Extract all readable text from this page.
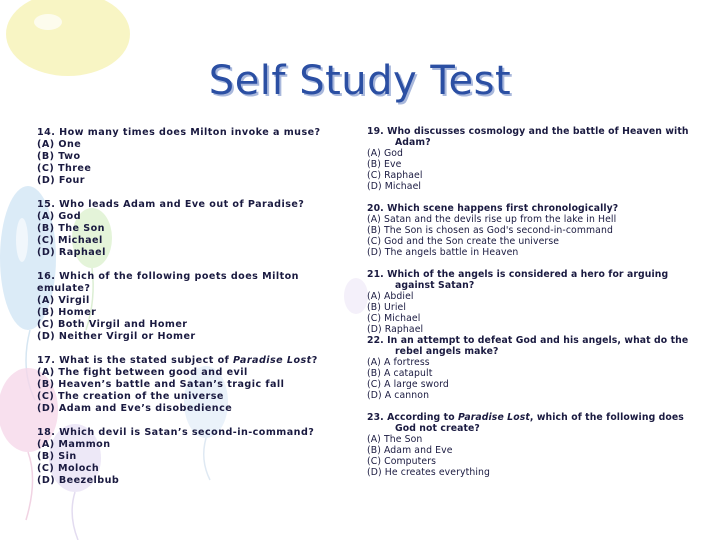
Self Study Test
14. How many times does Milton invoke a muse?
(A) One
(B) Two
(C) Three
(D) Four
15. Who leads Adam and Eve out of Paradise?
(A) God
(B) The Son
(C) Michael
(D) Raphael
16. Which of the following poets does Milton emulate?
(A) Virgil
(B) Homer
(C) Both Virgil and Homer
(D) Neither Virgil or Homer
17. What is the stated subject of Paradise Lost?
(A) The fight between good and evil
(B) Heaven’s battle and Satan’s tragic fall
(C) The creation of the universe
(D) Adam and Eve’s disobedience
18. Which devil is Satan’s second-in-command?
(A) Mammon
(B) Sin
(C) Moloch
(D) Beezelbub
19. Who discusses cosmology and the battle of Heaven with Adam?
(A) God
(B) Eve
(C) Raphael
(D) Michael
20. Which scene happens first chronologically?
(A) Satan and the devils rise up from the lake in Hell
(B) The Son is chosen as God's second-in-command
(C) God and the Son create the universe
(D) The angels battle in Heaven
21. Which of the angels is considered a hero for arguing against Satan?
(A) Abdiel
(B) Uriel
(C) Michael
(D) Raphael
22. In an attempt to defeat God and his angels, what do the rebel angels make?
(A) A fortress
(B) A catapult
(C) A large sword
(D) A cannon
23. According to Paradise Lost, which of the following does God not create?
(A) The Son
(B) Adam and Eve
(C) Computers
(D) He creates everything
